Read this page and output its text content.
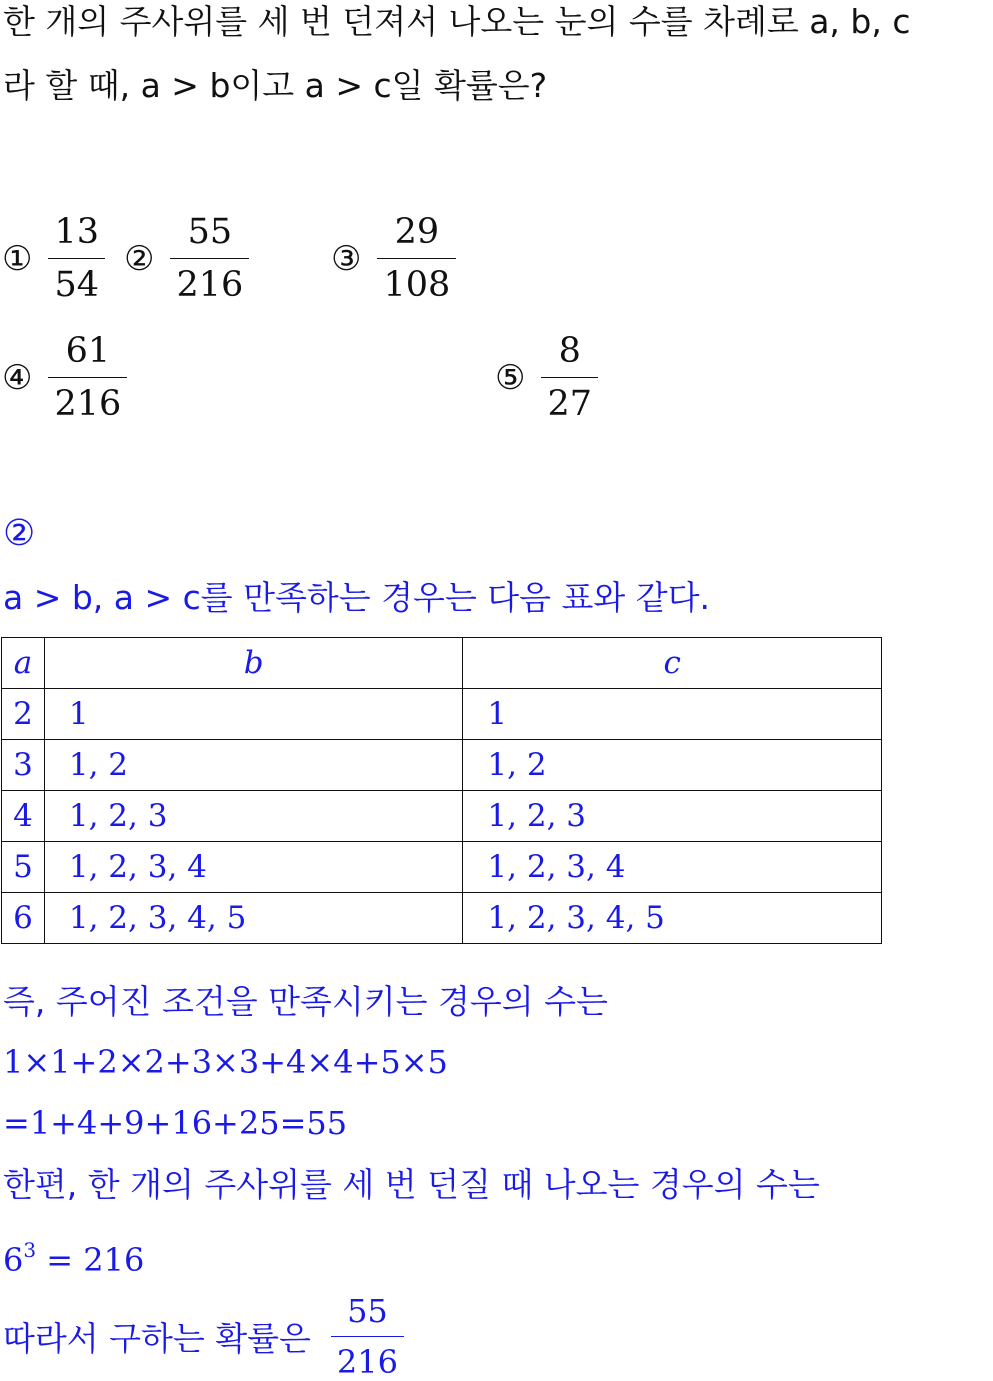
한 개의 주사위를 세 번 던져서 나오는 눈의 수를 차례로 a, b, c
라 할 때, a > b이고 a > c일 확률은?
① $\frac{13}{54}$ ② $\frac{55}{216}$ ③ $\frac{29}{108}$
④ $\frac{61}{216}$	⑤ $\frac{8}{27}$
②
a > b, a > c를 만족하는 경우는 다음 표와 같다.
a	b	c
2	1	1
3	1, 2	1, 2
4	1, 2, 3	1, 2, 3
5	1, 2, 3, 4	1, 2, 3, 4
6	1, 2, 3, 4, 5	1, 2, 3, 4, 5
즉, 주어진 조건을 만족시키는 경우의 수는
1×1+2×2+3×3+4×4+5×5
=1+4+9+16+25=55
한편, 한 개의 주사위를 세 번 던질 때 나오는 경우의 수는
$6^3 = 216$
따라서 구하는 확률은 $\frac{55}{216}$
